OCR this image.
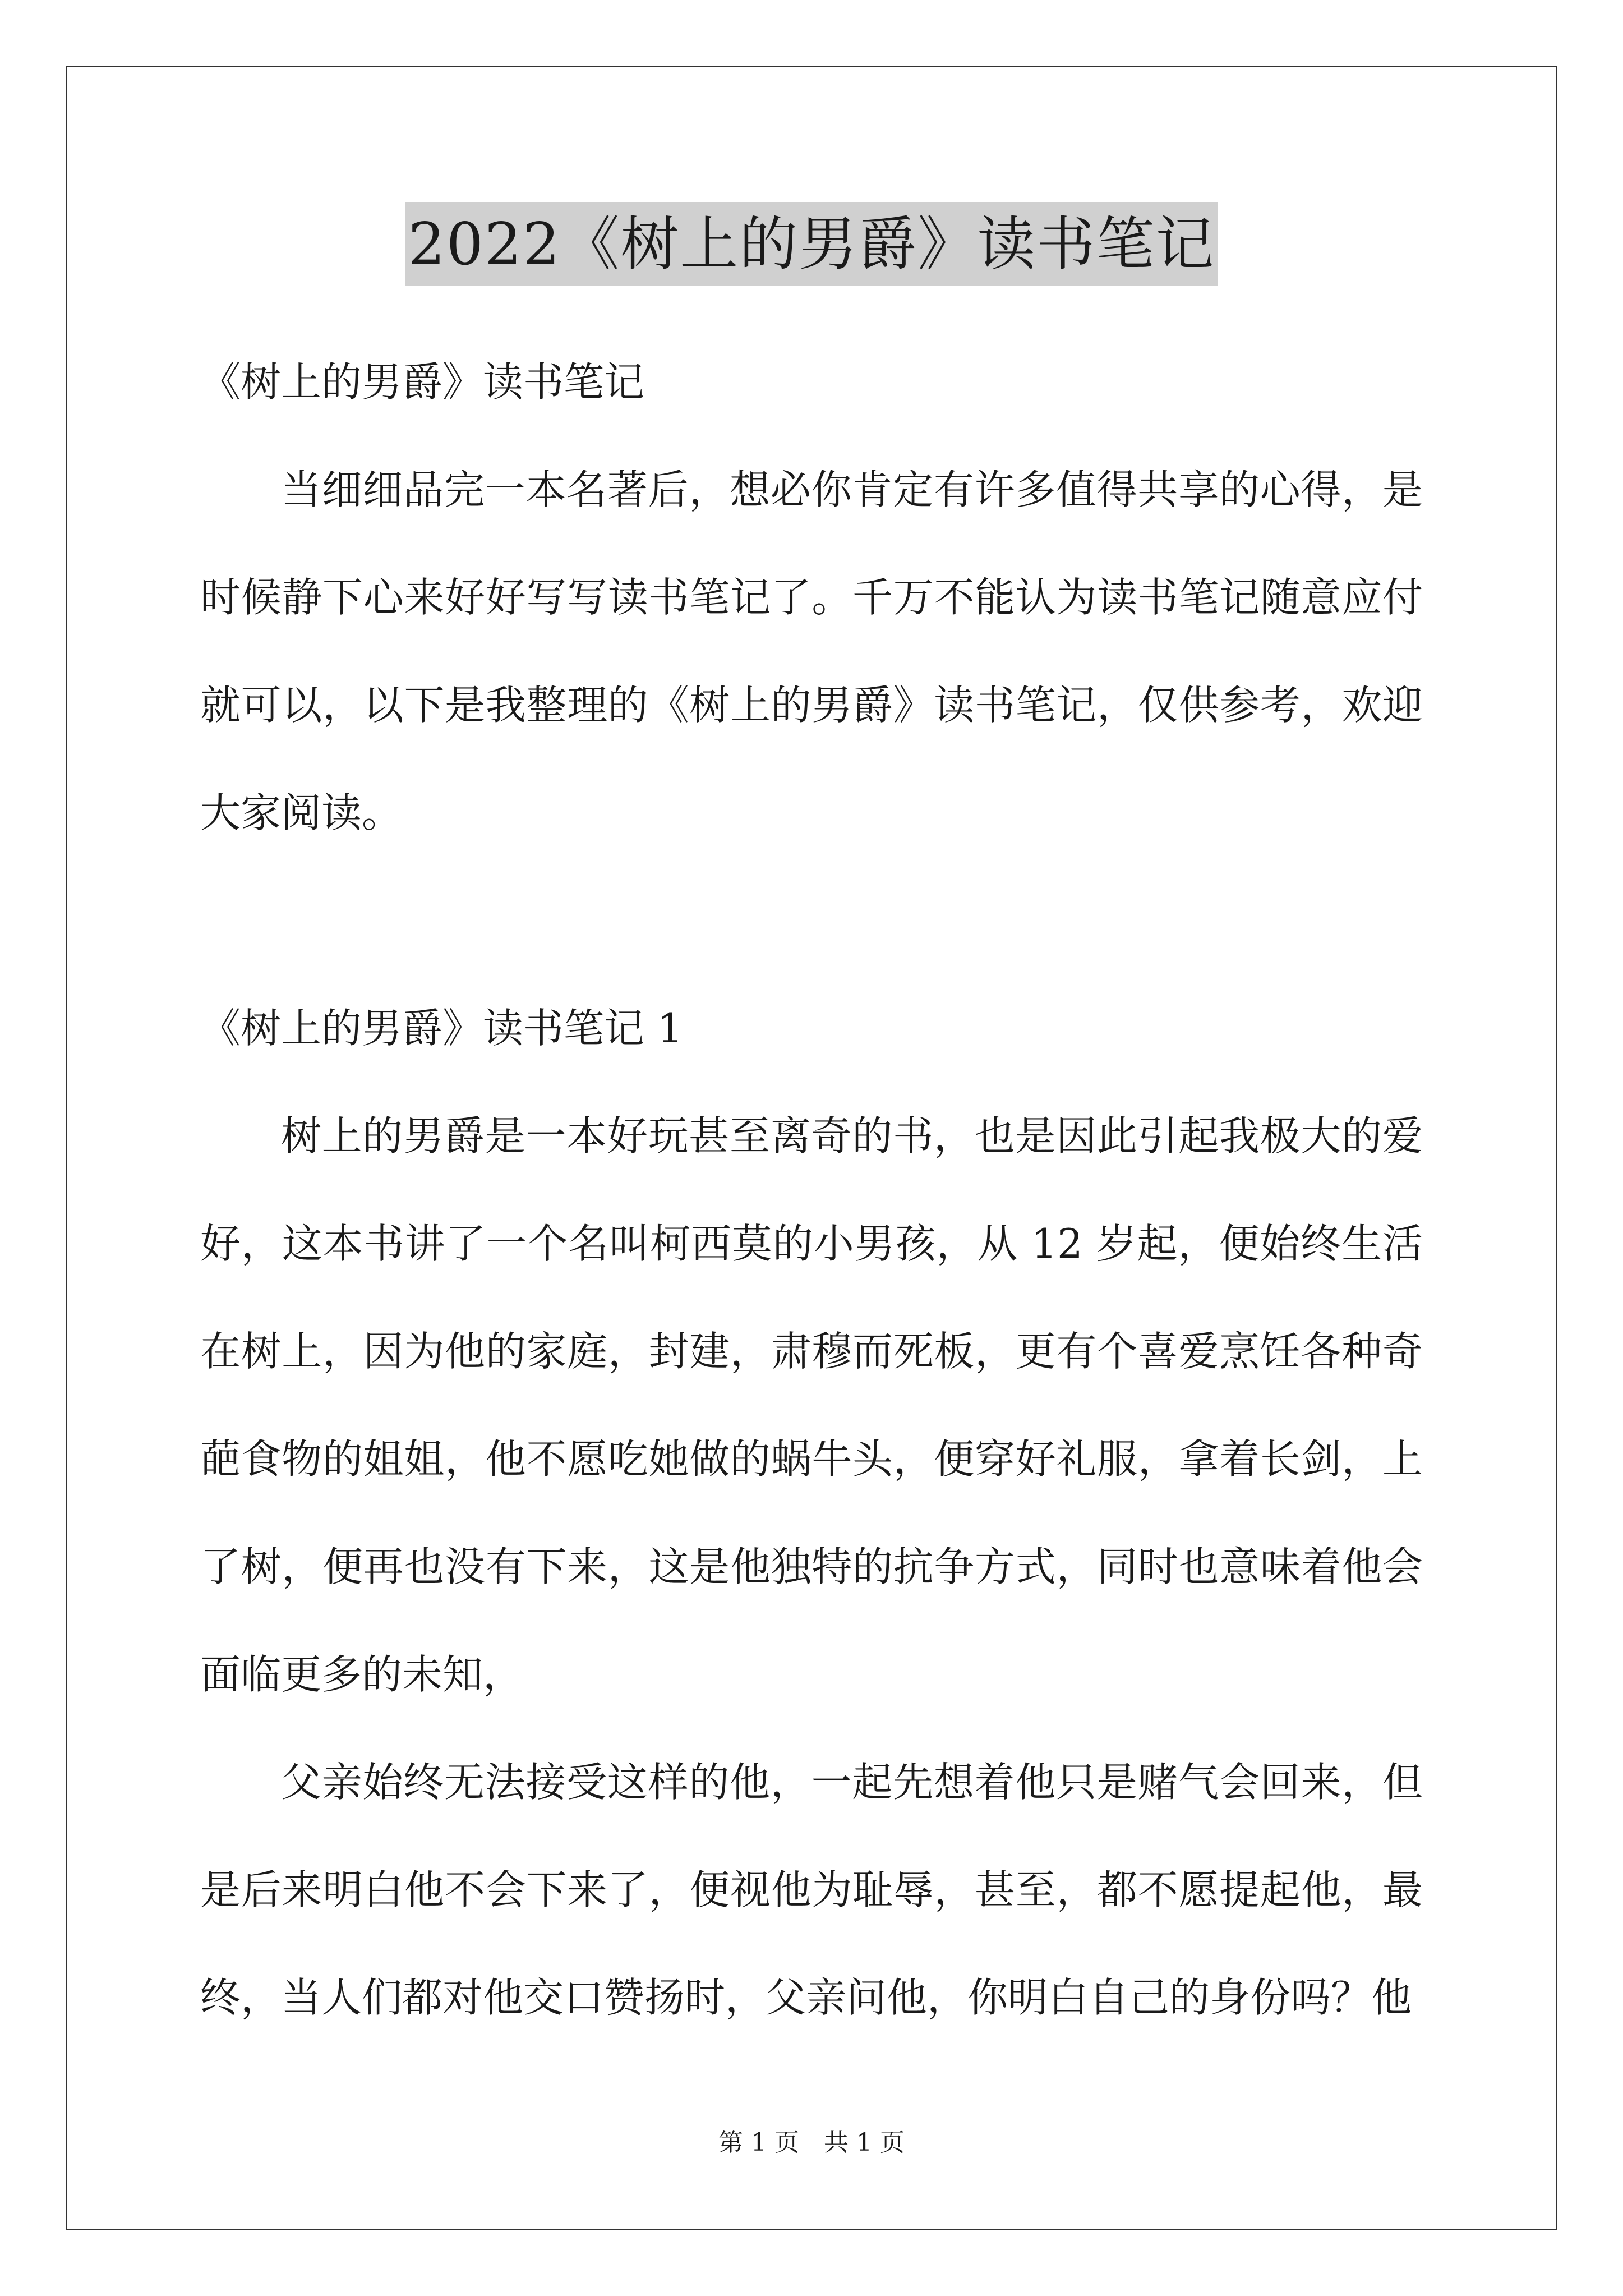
2022《树上的男爵》读书笔记

《树上的男爵》读书笔记

当细细品完一本名著后，想必你肯定有许多值得共享的心得，是时候静下心来好好写写读书笔记了。千万不能认为读书笔记随意应付就可以，以下是我整理的《树上的男爵》读书笔记，仅供参考，欢迎大家阅读。

《树上的男爵》读书笔记 1

树上的男爵是一本好玩甚至离奇的书，也是因此引起我极大的爱好，这本书讲了一个名叫柯西莫的小男孩，从 12 岁起，便始终生活在树上，因为他的家庭，封建，肃穆而死板，更有个喜爱烹饪各种奇葩食物的姐姐，他不愿吃她做的蜗牛头，便穿好礼服，拿着长剑，上了树，便再也没有下来，这是他独特的抗争方式，同时也意味着他会面临更多的未知，

父亲始终无法接受这样的他，一起先想着他只是赌气会回来，但是后来明白他不会下来了，便视他为耻辱，甚至，都不愿提起他，最终，当人们都对他交口赞扬时，父亲问他，你明白自己的身份吗？他

第 1 页 共 1 页
